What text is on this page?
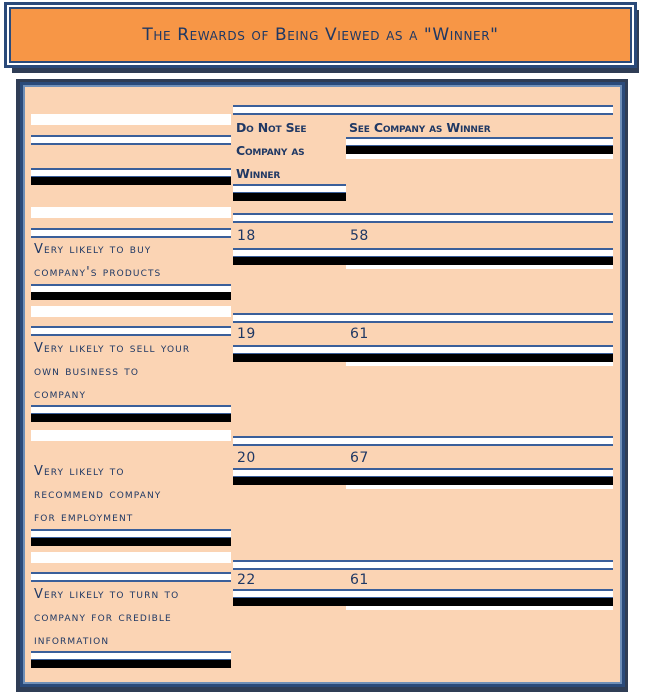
The Rewards of Being Viewed as a "Winner"
Do Not See
Company as
Winner
See Company as Winner
Very likely to buy
company's products
18	58
Very likely to sell your
own business to
company
19	61
Very likely to
recommend company
for employment
20	67
Very likely to turn to
company for credible
information
22	61
